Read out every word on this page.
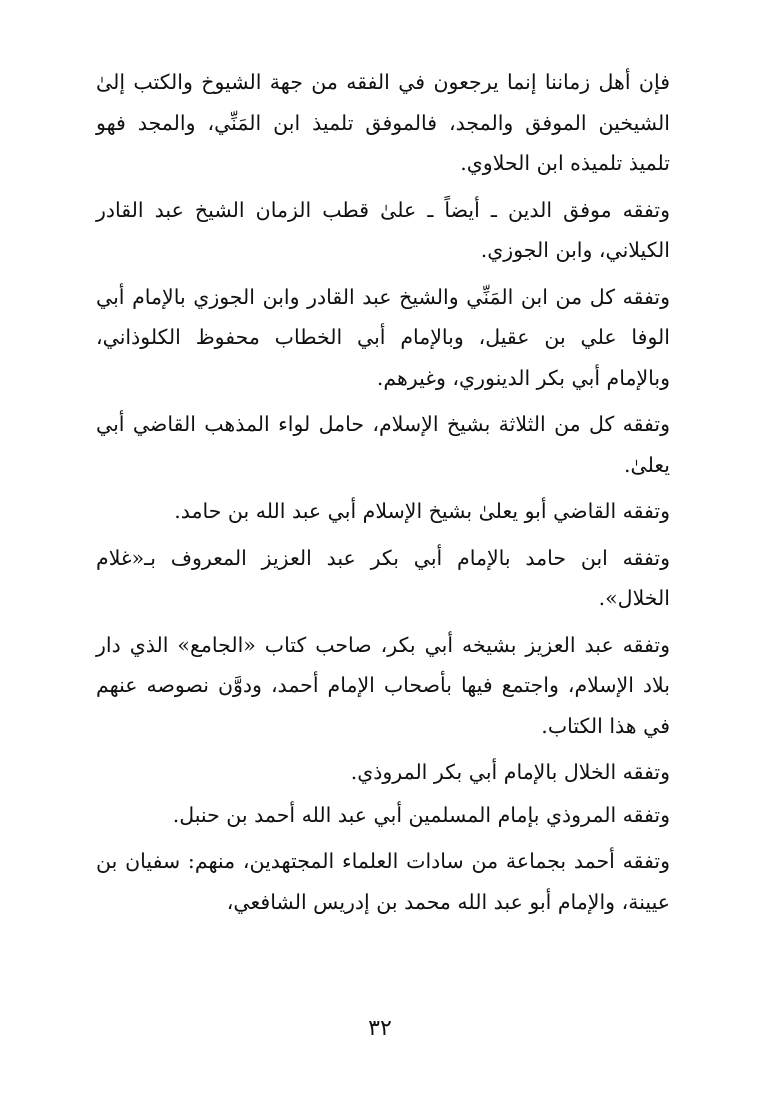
فإن أهل زماننا إنما يرجعون في الفقه من جهة الشيوخ والكتب إلىٰ الشيخين الموفق والمجد، فالموفق تلميذ ابن المَنِّي، والمجد فهو تلميذ تلميذه ابن الحلاوي.

وتفقه موفق الدين ـ أيضاً ـ علىٰ قطب الزمان الشيخ عبد القادر الكيلاني، وابن الجوزي.

وتفقه كل من ابن المَنِّي والشيخ عبد القادر وابن الجوزي بالإمام أبي الوفا علي بن عقيل، وبالإمام أبي الخطاب محفوظ الكلوذاني، وبالإمام أبي بكر الدينوري، وغيرهم.

وتفقه كل من الثلاثة بشيخ الإسلام، حامل لواء المذهب القاضي أبي يعلىٰ.

وتفقه القاضي أبو يعلىٰ بشيخ الإسلام أبي عبد الله بن حامد.

وتفقه ابن حامد بالإمام أبي بكر عبد العزيز المعروف بـ«غلام الخلال».

وتفقه عبد العزيز بشيخه أبي بكر، صاحب كتاب «الجامع» الذي دار بلاد الإسلام، واجتمع فيها بأصحاب الإمام أحمد، ودوَّن نصوصه عنهم في هذا الكتاب.

وتفقه الخلال بالإمام أبي بكر المروذي.

وتفقه المروذي بإمام المسلمين أبي عبد الله أحمد بن حنبل.

وتفقه أحمد بجماعة من سادات العلماء المجتهدين، منهم: سفيان بن عيينة، والإمام أبو عبد الله محمد بن إدريس الشافعي،

٣٢
